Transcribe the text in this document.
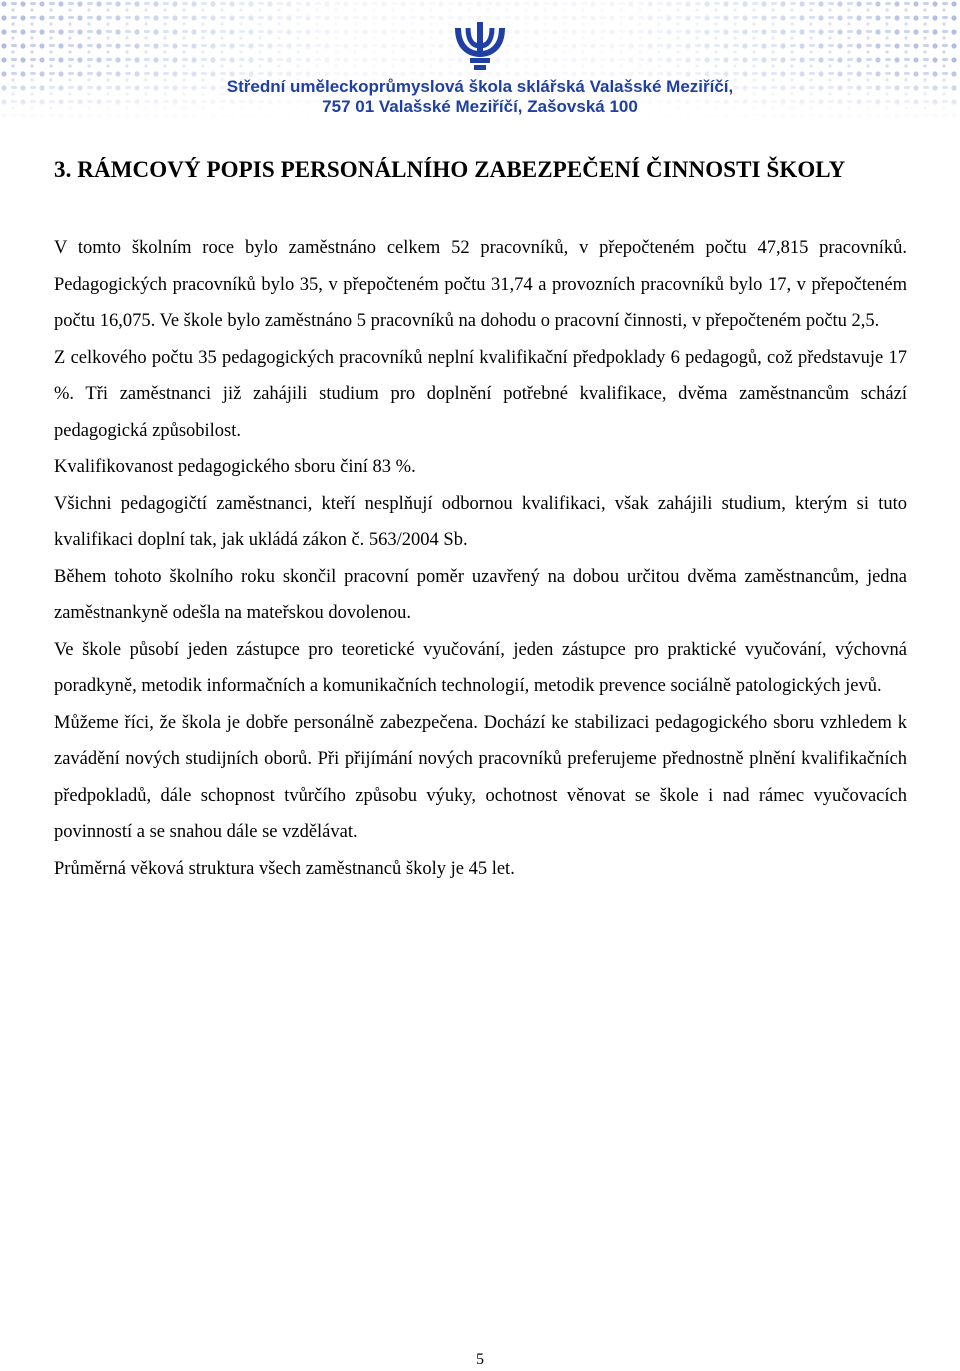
Střední uměleckoprůmyslová škola sklářská Valašské Meziříčí,
757 01 Valašské Meziříčí, Zašovská 100
3. RÁMCOVÝ POPIS PERSONÁLNÍHO ZABEZPEČENÍ ČINNOSTI ŠKOLY

V tomto školním roce bylo zaměstnáno celkem 52 pracovníků, v přepočteném počtu 47,815 pracovníků. Pedagogických pracovníků bylo 35, v přepočteném počtu 31,74 a provozních pracovníků bylo 17, v přepočteném počtu 16,075. Ve škole bylo zaměstnáno 5 pracovníků na dohodu o pracovní činnosti, v přepočteném počtu 2,5.

Z celkového počtu 35 pedagogických pracovníků neplní kvalifikační předpoklady 6 pedagogů, což představuje 17 %. Tři zaměstnanci již zahájili studium pro doplnění potřebné kvalifikace, dvěma zaměstnancům schází pedagogická způsobilost.

Kvalifikovanost pedagogického sboru činí 83 %.

Všichni pedagogičtí zaměstnanci, kteří nesplňují odbornou kvalifikaci, však zahájili studium, kterým si tuto kvalifikaci doplní tak, jak ukládá zákon č. 563/2004 Sb.

Během tohoto školního roku skončil pracovní poměr uzavřený na dobou určitou dvěma zaměstnancům, jedna zaměstnankyně odešla na mateřskou dovolenou.

Ve škole působí jeden zástupce pro teoretické vyučování, jeden zástupce pro praktické vyučování, výchovná poradkyně, metodik informačních a komunikačních technologií, metodik prevence sociálně patologických jevů.

Můžeme říci, že škola je dobře personálně zabezpečena. Dochází ke stabilizaci pedagogického sboru vzhledem k zavádění nových studijních oborů. Při přijímání nových pracovníků preferujeme přednostně plnění kvalifikačních předpokladů, dále schopnost tvůrčího způsobu výuky, ochotnost věnovat se škole i nad rámec vyučovacích povinností a se snahou dále se vzdělávat.

Průměrná věková struktura všech zaměstnanců školy je 45 let.

5
